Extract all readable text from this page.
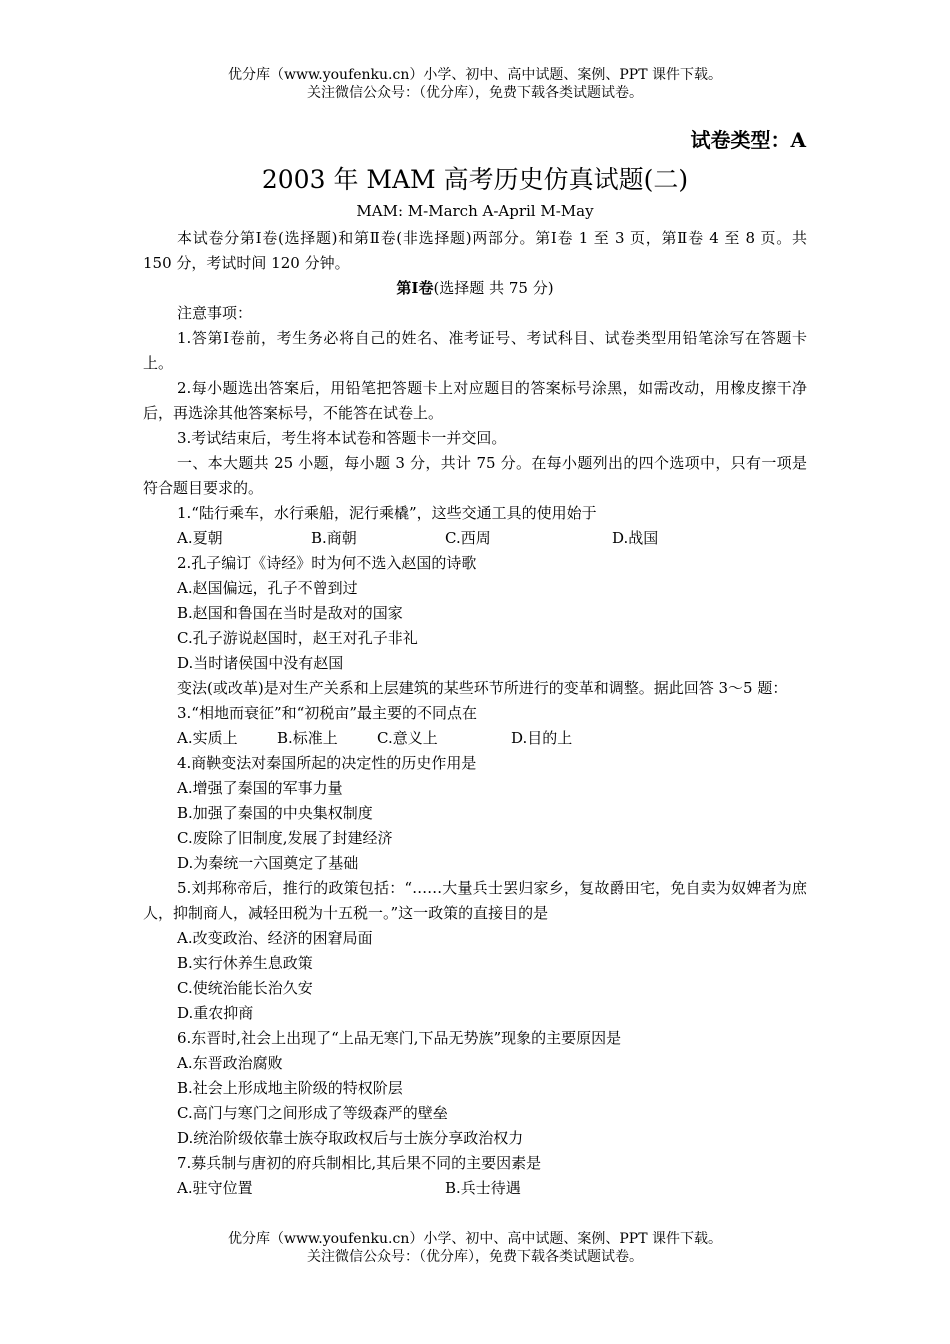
优分库（www.youfenku.cn）小学、初中、高中试题、案例、PPT 课件下载。
关注微信公众号：（优分库），免费下载各类试题试卷。
试卷类型：A
2003 年 MAM 高考历史仿真试题(二)
MAM: M-March A-April M-May
本试卷分第Ⅰ卷(选择题)和第Ⅱ卷(非选择题)两部分。第Ⅰ卷 1 至 3 页，第Ⅱ卷 4 至 8 页。共 150 分，考试时间 120 分钟。
第Ⅰ卷(选择题 共 75 分)
注意事项：
1.答第Ⅰ卷前，考生务必将自己的姓名、准考证号、考试科目、试卷类型用铅笔涂写在答题卡上。
2.每小题选出答案后，用铅笔把答题卡上对应题目的答案标号涂黑，如需改动，用橡皮擦干净后，再选涂其他答案标号，不能答在试卷上。
3.考试结束后，考生将本试卷和答题卡一并交回。
一、本大题共 25 小题，每小题 3 分，共计 75 分。在每小题列出的四个选项中，只有一项是符合题目要求的。
1.“陆行乘车，水行乘船，泥行乘橇”，这些交通工具的使用始于
A.夏朝	B.商朝	C.西周	D.战国
2.孔子编订《诗经》时为何不选入赵国的诗歌
A.赵国偏远，孔子不曾到过
B.赵国和鲁国在当时是敌对的国家
C.孔子游说赵国时，赵王对孔子非礼
D.当时诸侯国中没有赵国
变法(或改革)是对生产关系和上层建筑的某些环节所进行的变革和调整。据此回答 3～5 题：
3.“相地而衰征”和“初税亩”最主要的不同点在
A.实质上	B.标准上	C.意义上	D.目的上
4.商鞅变法对秦国所起的决定性的历史作用是
A.增强了秦国的军事力量
B.加强了秦国的中央集权制度
C.废除了旧制度,发展了封建经济
D.为秦统一六国奠定了基础
5.刘邦称帝后，推行的政策包括：“……大量兵士罢归家乡，复故爵田宅，免自卖为奴婢者为庶人，抑制商人，减轻田税为十五税一。”这一政策的直接目的是
A.改变政治、经济的困窘局面
B.实行休养生息政策
C.使统治能长治久安
D.重农抑商
6.东晋时,社会上出现了“上品无寒门,下品无势族”现象的主要原因是
A.东晋政治腐败
B.社会上形成地主阶级的特权阶层
C.高门与寒门之间形成了等级森严的壁垒
D.统治阶级依靠士族夺取政权后与士族分享政治权力
7.募兵制与唐初的府兵制相比,其后果不同的主要因素是
A.驻守位置	B.兵士待遇
优分库（www.youfenku.cn）小学、初中、高中试题、案例、PPT 课件下载。
关注微信公众号：（优分库），免费下载各类试题试卷。
